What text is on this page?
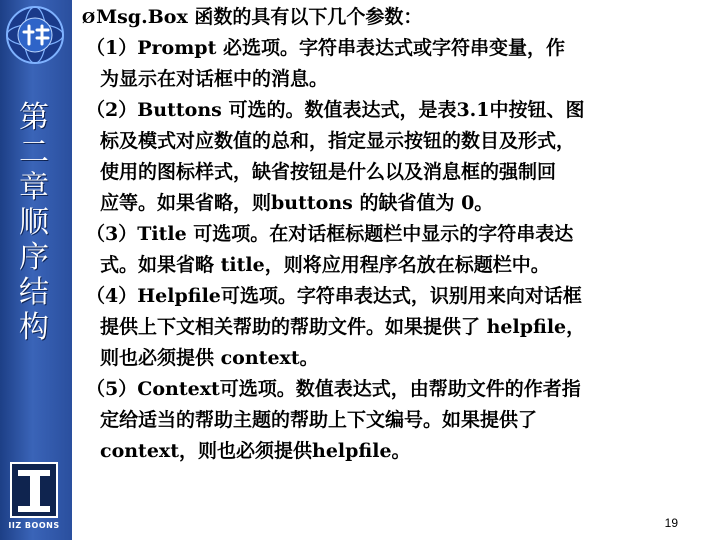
第
二
章
顺
序
结
构
IIZ BOONS
ØMsg.Box 函数的具有以下几个参数：
（1）Prompt 必选项。字符串表达式或字符串变量，作
为显示在对话框中的消息。
（2）Buttons 可选的。数值表达式，是表3.1中按钮、图
标及模式对应数值的总和，指定显示按钮的数目及形式，
使用的图标样式，缺省按钮是什么以及消息框的强制回
应等。如果省略，则buttons 的缺省值为 0。
（3）Title 可选项。在对话框标题栏中显示的字符串表达
式。如果省略 title，则将应用程序名放在标题栏中。
（4）Helpfile可选项。字符串表达式，识别用来向对话框
提供上下文相关帮助的帮助文件。如果提供了 helpfile，
则也必须提供 context。
（5）Context可选项。数值表达式，由帮助文件的作者指
定给适当的帮助主题的帮助上下文编号。如果提供了
context，则也必须提供helpfile。
19
